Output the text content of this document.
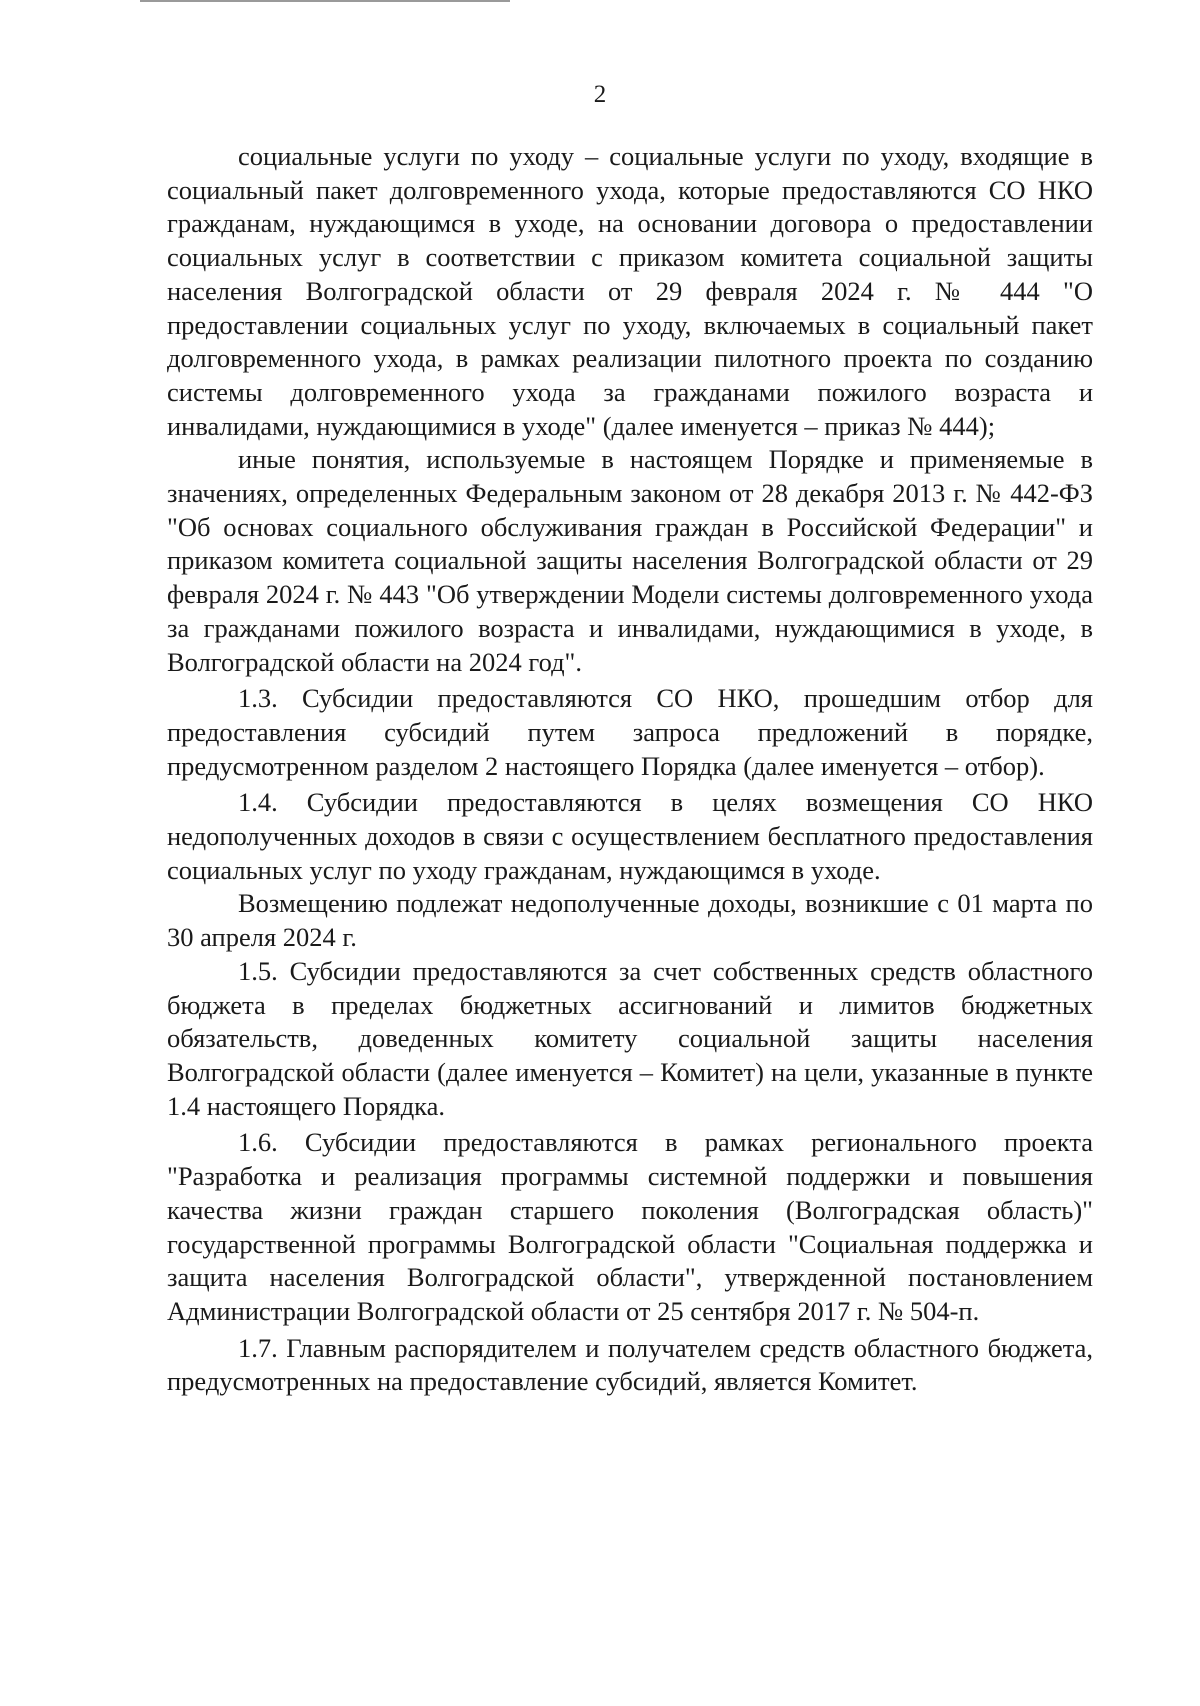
2

социальные услуги по уходу – социальные услуги по уходу, входящие в социальный пакет долговременного ухода, которые предоставляются СО НКО гражданам, нуждающимся в уходе, на основании договора о предоставлении социальных услуг в соответствии с приказом комитета социальной защиты населения Волгоградской области от 29 февраля 2024 г. № 444 "О предоставлении социальных услуг по уходу, включаемых в социальный пакет долговременного ухода, в рамках реализации пилотного проекта по созданию системы долговременного ухода за гражданами пожилого возраста и инвалидами, нуждающимися в уходе" (далее именуется – приказ № 444);

иные понятия, используемые в настоящем Порядке и применяемые в значениях, определенных Федеральным законом от 28 декабря 2013 г. № 442-ФЗ "Об основах социального обслуживания граждан в Российской Федерации" и приказом комитета социальной защиты населения Волгоградской области от 29 февраля 2024 г. № 443 "Об утверждении Модели системы долговременного ухода за гражданами пожилого возраста и инвалидами, нуждающимися в уходе, в Волгоградской области на 2024 год".

1.3. Субсидии предоставляются СО НКО, прошедшим отбор для предоставления субсидий путем запроса предложений в порядке, предусмотренном разделом 2 настоящего Порядка (далее именуется – отбор).

1.4. Субсидии предоставляются в целях возмещения СО НКО недополученных доходов в связи с осуществлением бесплатного предоставления социальных услуг по уходу гражданам, нуждающимся в уходе.

Возмещению подлежат недополученные доходы, возникшие с 01 марта по 30 апреля 2024 г.

1.5. Субсидии предоставляются за счет собственных средств областного бюджета в пределах бюджетных ассигнований и лимитов бюджетных обязательств, доведенных комитету социальной защиты населения Волгоградской области (далее именуется – Комитет) на цели, указанные в пункте 1.4 настоящего Порядка.

1.6. Субсидии предоставляются в рамках регионального проекта "Разработка и реализация программы системной поддержки и повышения качества жизни граждан старшего поколения (Волгоградская область)" государственной программы Волгоградской области "Социальная поддержка и защита населения Волгоградской области", утвержденной постановлением Администрации Волгоградской области от 25 сентября 2017 г. № 504-п.

1.7. Главным распорядителем и получателем средств областного бюджета, предусмотренных на предоставление субсидий, является Комитет.
